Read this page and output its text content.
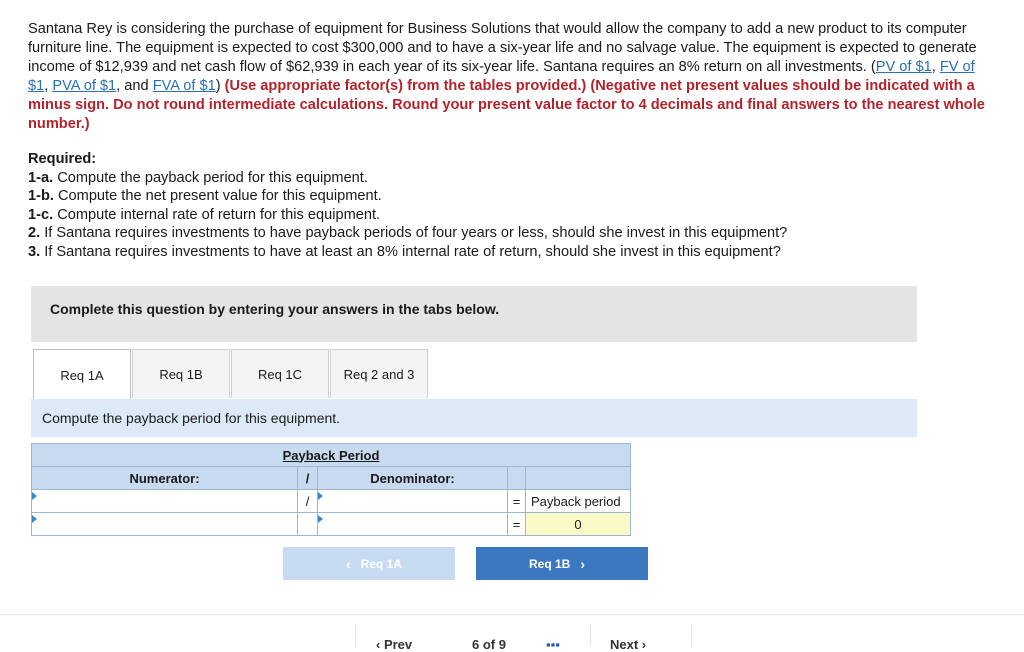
Santana Rey is considering the purchase of equipment for Business Solutions that would allow the company to add a new product to its computer furniture line. The equipment is expected to cost $300,000 and to have a six-year life and no salvage value. The equipment is expected to generate income of $12,939 and net cash flow of $62,939 in each year of its six-year life. Santana requires an 8% return on all investments. (PV of $1, FV of $1, PVA of $1, and FVA of $1) (Use appropriate factor(s) from the tables provided.) (Negative net present values should be indicated with a minus sign. Do not round intermediate calculations. Round your present value factor to 4 decimals and final answers to the nearest whole number.)
Required:
1-a. Compute the payback period for this equipment.
1-b. Compute the net present value for this equipment.
1-c. Compute internal rate of return for this equipment.
2. If Santana requires investments to have payback periods of four years or less, should she invest in this equipment?
3. If Santana requires investments to have at least an 8% internal rate of return, should she invest in this equipment?
Complete this question by entering your answers in the tabs below.
Req 1A	Req 1B	Req 1C	Req 2 and 3
Compute the payback period for this equipment.
Payback Period				
Numerator:	/	Denominator:		
	/		=	Payback period
			=	0
‹ Req 1A	Req 1B ›
‹ Prev	6 of 9	▪▪▪	Next ›
